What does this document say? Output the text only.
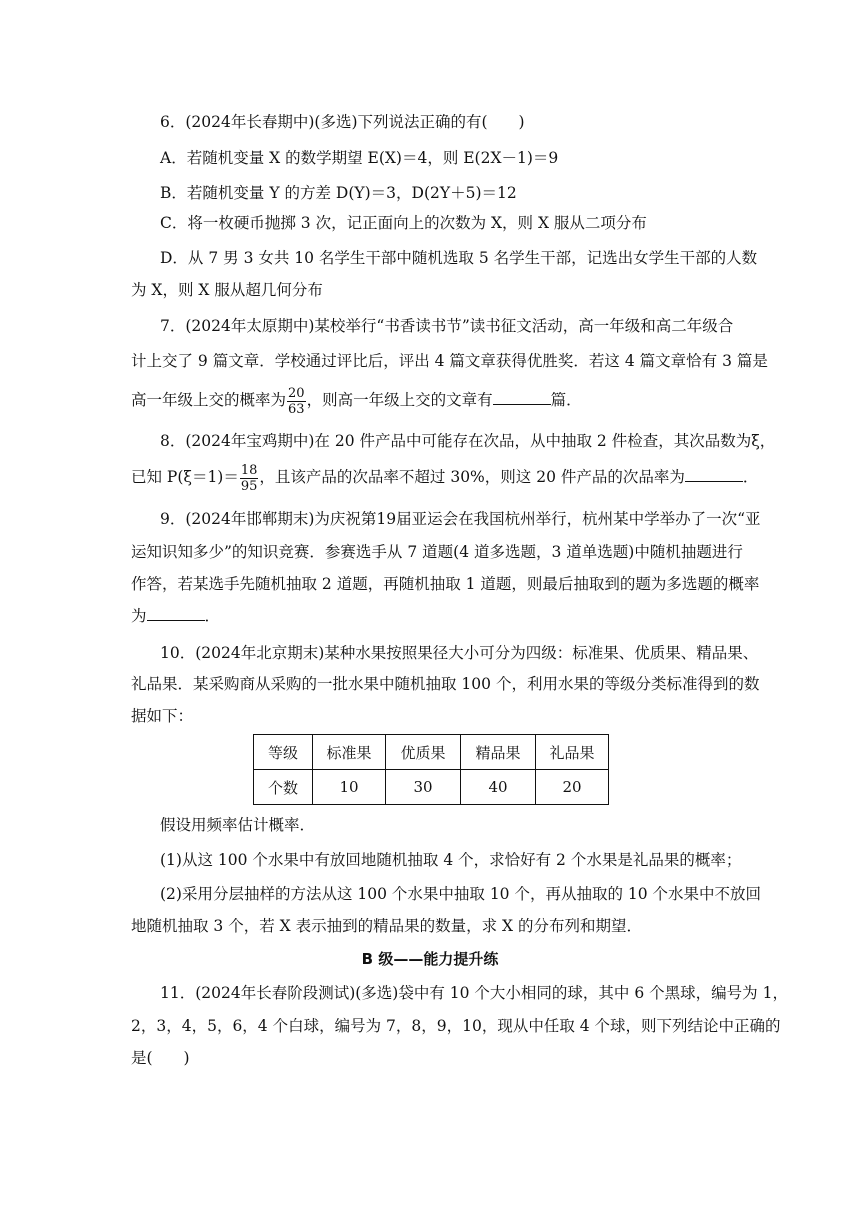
6．(2024年长春期中)(多选)下列说法正确的有(　　)
A．若随机变量 X 的数学期望 E(X)＝4，则 E(2X－1)＝9
B．若随机变量 Y 的方差 D(Y)＝3，D(2Y＋5)＝12
C．将一枚硬币抛掷 3 次，记正面向上的次数为 X，则 X 服从二项分布
D．从 7 男 3 女共 10 名学生干部中随机选取 5 名学生干部，记选出女学生干部的人数
为 X，则 X 服从超几何分布
7．(2024年太原期中)某校举行“书香读书节”读书征文活动，高一年级和高二年级合
计上交了 9 篇文章．学校通过评比后，评出 4 篇文章获得优胜奖．若这 4 篇文章恰有 3 篇是
高一年级上交的概率为 $\frac{20}{63}$ ，则高一年级上交的文章有	篇．
8．(2024年宝鸡期中)在 20 件产品中可能存在次品，从中抽取 2 件检查，其次品数为ξ，
已知 $P(\xi=1)= \frac{18}{95}$ ，且该产品的次品率不超过 30%，则这 20 件产品的次品率为	．
9．(2024年邯郸期末)为庆祝第19届亚运会在我国杭州举行，杭州某中学举办了一次“亚
运知识知多少”的知识竞赛．参赛选手从 7 道题(4 道多选题，3 道单选题)中随机抽题进行
作答，若某选手先随机抽取 2 道题，再随机抽取 1 道题，则最后抽取到的题为多选题的概率
为	．
10．(2024年北京期末)某种水果按照果径大小可分为四级：标准果、优质果、精品果、
礼品果．某采购商从采购的一批水果中随机抽取 100 个，利用水果的等级分类标准得到的数
据如下：
等级	标准果	优质果	精品果	礼品果
个数	10	30	40	20
假设用频率估计概率．
(1)从这 100 个水果中有放回地随机抽取 4 个，求恰好有 2 个水果是礼品果的概率；
(2)采用分层抽样的方法从这 100 个水果中抽取 10 个，再从抽取的 10 个水果中不放回
地随机抽取 3 个，若 X 表示抽到的精品果的数量，求 X 的分布列和期望．
B 级——能力提升练
11．(2024年长春阶段测试)(多选)袋中有 10 个大小相同的球，其中 6 个黑球，编号为 1，
2，3，4，5，6，4 个白球，编号为 7，8，9，10，现从中任取 4 个球，则下列结论中正确的
是(　　)
